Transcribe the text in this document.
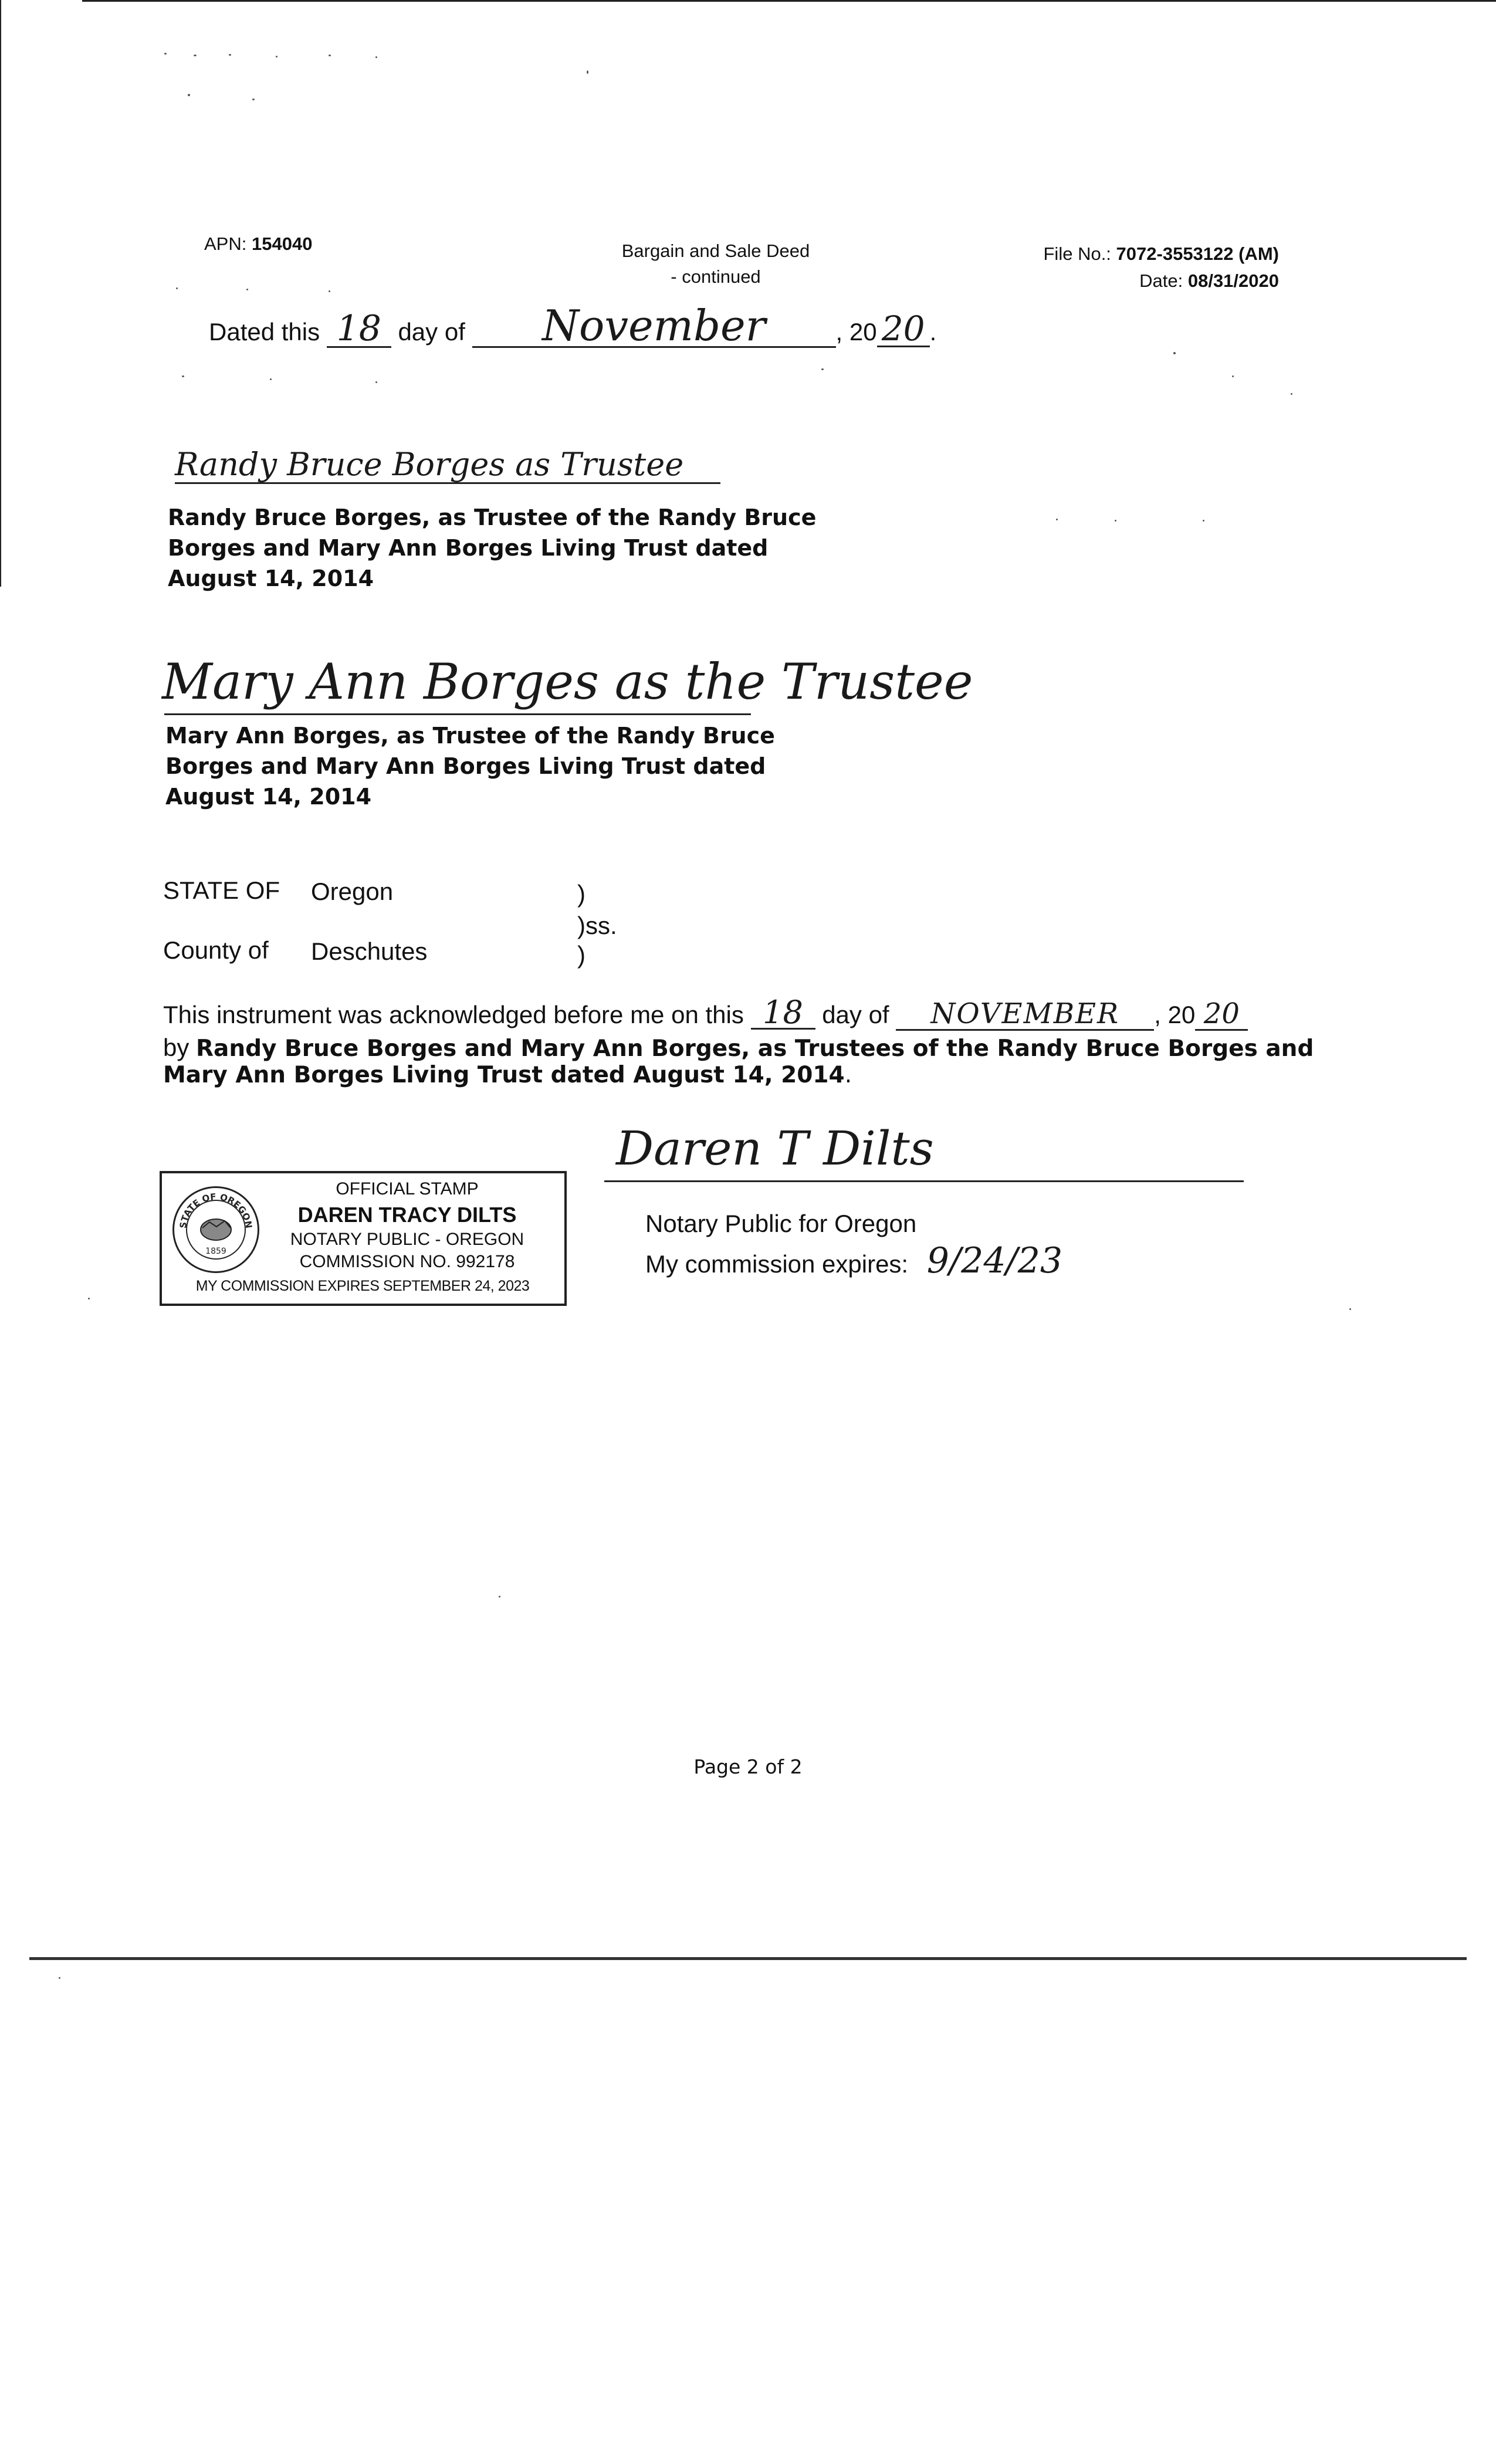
APN: 154040	Bargain and Sale Deed
- continued
File No.: 7072-3553122 (AM)
Date: 08/31/2020
Dated this 18 day of November	, 20 20 .
Randy Bruce Borges as Trustee
Randy Bruce Borges, as Trustee of the Randy Bruce
Borges and Mary Ann Borges Living Trust dated
August 14, 2014
Mary Ann Borges as the Trustee
Mary Ann Borges, as Trustee of the Randy Bruce
Borges and Mary Ann Borges Living Trust dated
August 14, 2014
STATE OF Oregon
County of Deschutes
)
)ss.
)
This instrument was acknowledged before me on this 18 day of NOVEMBER , 20 20
by Randy Bruce Borges and Mary Ann Borges, as Trustees of the Randy Bruce Borges and
Mary Ann Borges Living Trust dated August 14, 2014.
Daren T Dilts
Notary Public for Oregon
My commission expires: 9/24/23
STATE OF OREGON
1859
OFFICIAL STAMP
DAREN TRACY DILTS
NOTARY PUBLIC - OREGON
COMMISSION NO. 992178
MY COMMISSION EXPIRES SEPTEMBER 24, 2023
Page 2 of 2
